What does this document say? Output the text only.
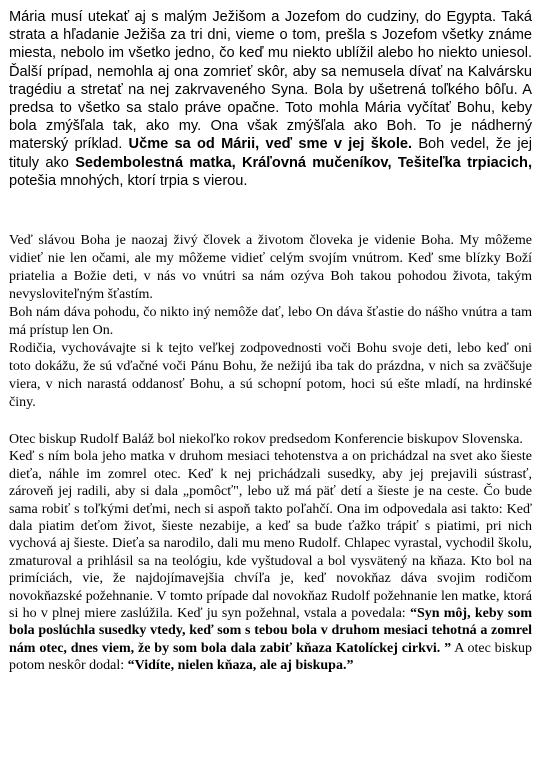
Mária musí utekať aj s malým Ježišom a Jozefom do cudziny, do Egypta. Taká strata a hľadanie Ježiša za tri dni, vieme o tom, prešla s Jozefom všetky známe miesta, nebolo im všetko jedno, čo keď mu niekto ublížil alebo ho niekto uniesol. Ďalší prípad, nemohla aj ona zomrieť skôr, aby sa nemusela dívať na Kalvársku tragédiu a stretať na nej zakrvaveného Syna. Bola by ušetrená toľkého bôľu. A predsa to všetko sa stalo práve opačne. Toto mohla Mária vyčítať Bohu, keby bola zmýšľala tak, ako my. Ona však zmýšľala ako Boh. To je nádherný materský príklad. Učme sa od Márii, veď sme v jej škole. Boh vedel, že jej tituly ako Sedembolestná matka, Kráľovná mučeníkov, Tešiteľka trpiacich, potešia mnohých, ktorí trpia s vierou.

Veď slávou Boha je naozaj živý človek a životom človeka je videnie Boha. My môžeme vidieť nie len očami, ale my môžeme vidieť celým svojím vnútrom. Keď sme blízky Boží priatelia a Božie deti, v nás vo vnútri sa nám ozýva Boh takou pohodou života, takým nevysloviteľným šťastím.
Boh nám dáva pohodu, čo nikto iný nemôže dať, lebo On dáva šťastie do nášho vnútra a tam má prístup len On.
Rodičia, vychovávajte si k tejto veľkej zodpovednosti voči Bohu svoje deti, lebo keď oni toto dokážu, že sú vďačné voči Pánu Bohu, že nežijú iba tak do prázdna, v nich sa zväčšuje viera, v nich narastá oddanosť Bohu, a sú schopní potom, hoci sú ešte mladí, na hrdinské činy.
Otec biskup Rudolf Baláž bol niekoľko rokov predsedom Konferencie biskupov Slovenska.
Keď s ním bola jeho matka v druhom mesiaci tehotenstva a on prichádzal na svet ako šieste dieťa, náhle im zomrel otec. Keď k nej prichádzali susedky, aby jej prejavili sústrasť, zároveň jej radili, aby si dala „pomôcť", lebo už má päť detí a šieste je na ceste. Čo bude sama robiť s toľkými deťmi, nech si aspoň takto poľahčí. Ona im odpovedala asi takto: Keď dala piatim deťom život, šieste nezabije, a keď sa bude ťažko trápiť s piatimi, pri nich vychová aj šieste. Dieťa sa narodilo, dali mu meno Rudolf. Chlapec vyrastal, vychodil školu, zmaturoval a prihlásil sa na teológiu, kde vyštudoval a bol vysvätený na kňaza. Kto bol na primíciách, vie, že najdojímavejšia chvíľa je, keď novokňaz dáva svojim rodičom novokňazské požehnanie. V tomto prípade dal novokňaz Rudolf požehnanie len matke, ktorá si ho v plnej miere zaslúžila. Keď ju syn požehnal, vstala a povedala: “Syn môj, keby som bola poslúchla susedky vtedy, keď som s tebou bola v druhom mesiaci tehotná a zomrel nám otec, dnes viem, že by som bola dala zabiť kňaza Katolíckej cirkvi. ” A otec biskup potom neskôr dodal: “Vidíte, nielen kňaza, ale aj biskupa.”
